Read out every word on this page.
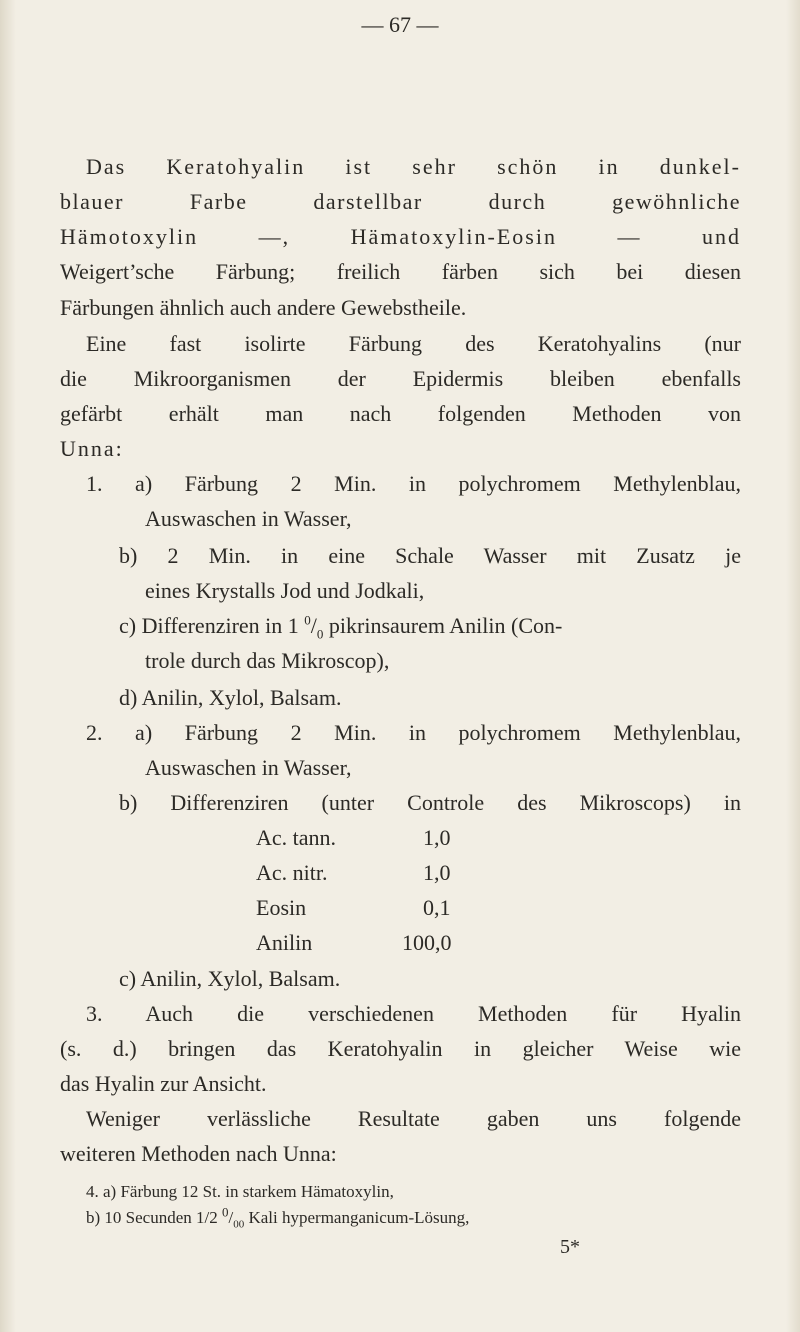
— 67 —
Das Keratohyalin ist sehr schön in dunkel-
blauer Farbe darstellbar durch gewöhnliche
Hämotoxylin —, Hämatoxylin-Eosin — und
Weigert’sche Färbung; freilich färben sich bei diesen
Färbungen ähnlich auch andere Gewebstheile.
Eine fast isolirte Färbung des Keratohyalins (nur
die Mikroorganismen der Epidermis bleiben ebenfalls
gefärbt erhält man nach folgenden Methoden von
Unna:
1. a) Färbung 2 Min. in polychromem Methylenblau,
Auswaschen in Wasser,
b) 2 Min. in eine Schale Wasser mit Zusatz je
eines Krystalls Jod und Jodkali,
c) Differenziren in 1 $^0/_0$ pikrinsaurem Anilin (Con-
trole durch das Mikroscop),
d) Anilin, Xylol, Balsam.
2. a) Färbung 2 Min. in polychromem Methylenblau,
Auswaschen in Wasser,
b) Differenziren (unter Controle des Mikroscops) in
Ac. tann.	1,0
Ac. nitr.	1,0
Eosin	0,1
Anilin	100,0
c) Anilin, Xylol, Balsam.
3. Auch die verschiedenen Methoden für Hyalin
(s. d.) bringen das Keratohyalin in gleicher Weise wie
das Hyalin zur Ansicht.
Weniger verlässliche Resultate gaben uns folgende
weiteren Methoden nach Unna:
4. a) Färbung 12 St. in starkem Hämatoxylin,
b) 10 Secunden 1/2 $^0/_{00}$ Kali hypermanganicum-Lösung,
5*
